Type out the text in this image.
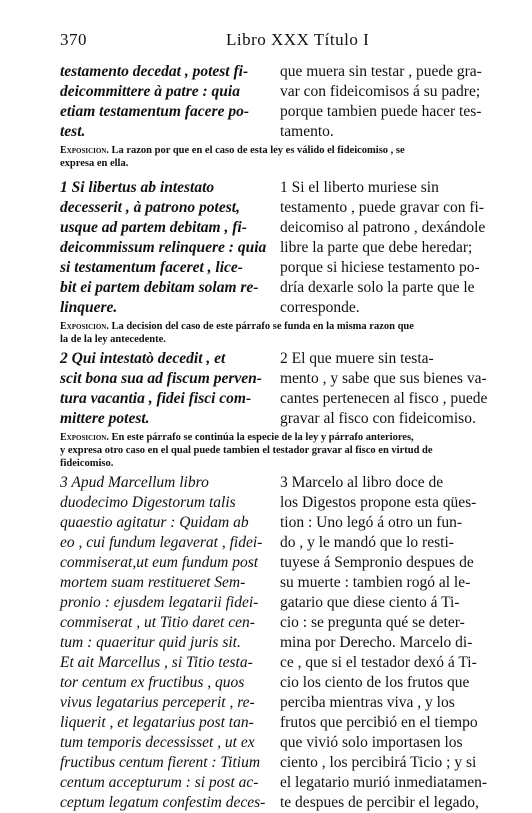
370	Libro XXX Título I
testamento decedat , potest fi-
deicommittere à patre : quia
etiam testamentum facere po-
test.
que muera sin testar , puede gra-
var con fideicomisos á su padre;
porque tambien puede hacer tes-
tamento.
Exposicion. La razon por que en el caso de esta ley es válido el fideicomiso , se
expresa en ella.
1 Si libertus ab intestato
decesserit , à patrono potest,
usque ad partem debitam , fi-
deicommissum relinquere : quia
si testamentum faceret , lice-
bit ei partem debitam solam re-
linquere.
1 Si el liberto muriese sin
testamento , puede gravar con fi-
deicomiso al patrono , dexándole
libre la parte que debe heredar;
porque si hiciese testamento po-
dría dexarle solo la parte que le
corresponde.
Exposicion. La decision del caso de este párrafo se funda en la misma razon que
la de la ley antecedente.
2 Qui intestatò decedit , et
scit bona sua ad fiscum perven-
tura vacantia , fidei fisci com-
mittere potest.
2 El que muere sin testa-
mento , y sabe que sus bienes va-
cantes pertenecen al fisco , puede
gravar al fisco con fideicomiso.
Exposicion. En este párrafo se continúa la especie de la ley y párrafo anteriores,
y expresa otro caso en el qual puede tambien el testador gravar al fisco en virtud de
fideicomiso.
3 Apud Marcellum libro
duodecimo Digestorum talis
quaestio agitatur : Quidam ab
eo , cui fundum legaverat , fidei-
commiserat,ut eum fundum post
mortem suam restitueret Sem-
pronio : ejusdem legatarii fidei-
commiserat , ut Titio daret cen-
tum : quaeritur quid juris sit.
Et ait Marcellus , si Titio testa-
tor centum ex fructibus , quos
vivus legatarius perceperit , re-
liquerit , et legatarius post tan-
tum temporis decessisset , ut ex
fructibus centum fierent : Titium
centum accepturum : si post ac-
ceptum legatum confestim deces-
3 Marcelo al libro doce de
los Digestos propone esta qües-
tion : Uno legó á otro un fun-
do , y le mandó que lo resti-
tuyese á Sempronio despues de
su muerte : tambien rogó al le-
gatario que diese ciento á Ti-
cio : se pregunta qué se deter-
mina por Derecho. Marcelo di-
ce , que si el testador dexó á Ti-
cio los ciento de los frutos que
perciba mientras viva , y los
frutos que percibió en el tiempo
que vivió solo importasen los
ciento , los percibirá Ticio ; y si
el legatario murió inmediatamen-
te despues de percibir el legado,
